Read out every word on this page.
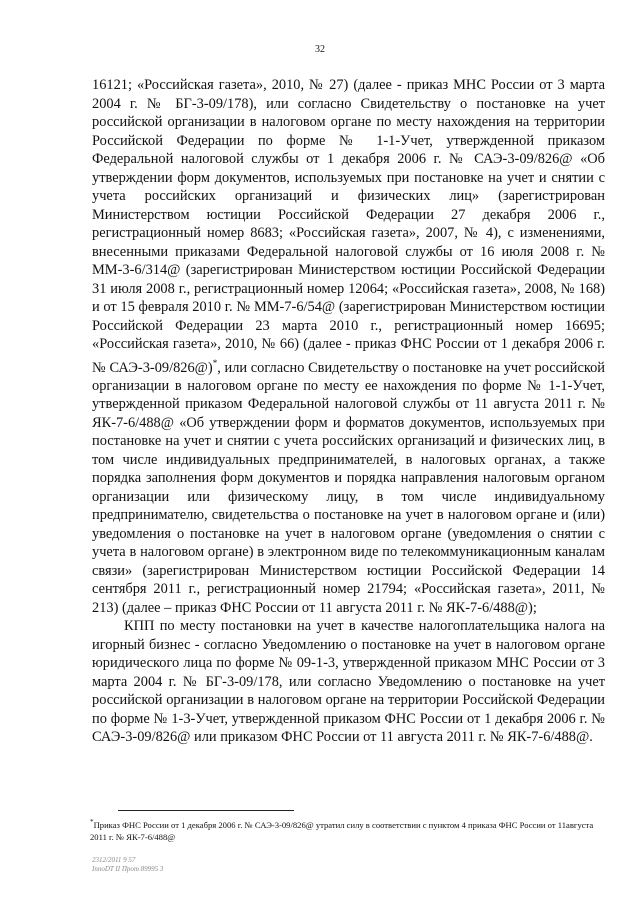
32

16121; «Российская газета», 2010, № 27) (далее - приказ МНС России от 3 марта 2004 г. № БГ-3-09/178), или согласно Свидетельству о постановке на учет российской организации в налоговом органе по месту нахождения на территории Российской Федерации по форме № 1-1-Учет, утвержденной приказом Федеральной налоговой службы от 1 декабря 2006 г. № САЭ-3-09/826@ «Об утверждении форм документов, используемых при постановке на учет и снятии с учета российских организаций и физических лиц» (зарегистрирован Министерством юстиции Российской Федерации 27 декабря 2006 г., регистрационный номер 8683; «Российская газета», 2007, № 4), с изменениями, внесенными приказами Федеральной налоговой службы от 16 июля 2008 г. № ММ-3-6/314@ (зарегистрирован Министерством юстиции Российской Федерации 31 июля 2008 г., регистрационный номер 12064; «Российская газета», 2008, № 168) и от 15 февраля 2010 г. № ММ-7-6/54@ (зарегистрирован Министерством юстиции Российской Федерации 23 марта 2010 г., регистрационный номер 16695; «Российская газета», 2010, № 66) (далее - приказ ФНС России от 1 декабря 2006 г. № САЭ-3-09/826@)*, или согласно Свидетельству о постановке на учет российской организации в налоговом органе по месту ее нахождения по форме № 1-1-Учет, утвержденной приказом Федеральной налоговой службы от 11 августа 2011 г. № ЯК-7-6/488@ «Об утверждении форм и форматов документов, используемых при постановке на учет и снятии с учета российских организаций и физических лиц, в том числе индивидуальных предпринимателей, в налоговых органах, а также порядка заполнения форм документов и порядка направления налоговым органом организации или физическому лицу, в том числе индивидуальному предпринимателю, свидетельства о постановке на учет в налоговом органе и (или) уведомления о постановке на учет в налоговом органе (уведомления о снятии с учета в налоговом органе) в электронном виде по телекоммуникационным каналам связи» (зарегистрирован Министерством юстиции Российской Федерации 14 сентября 2011 г., регистрационный номер 21794; «Российская газета», 2011, № 213) (далее – приказ ФНС России от 11 августа 2011 г. № ЯК-7-6/488@);

КПП по месту постановки на учет в качестве налогоплательщика налога на игорный бизнес - согласно Уведомлению о постановке на учет в налоговом органе юридического лица по форме № 09-1-3, утвержденной приказом МНС России от 3 марта 2004 г. № БГ-3-09/178, или согласно Уведомлению о постановке на учет российской организации в налоговом органе на территории Российской Федерации по форме № 1-3-Учет, утвержденной приказом ФНС России от 1 декабря 2006 г. № САЭ-3-09/826@ или приказом ФНС России от 11 августа 2011 г. № ЯК-7-6/488@.

*Приказ ФНС России от 1 декабря 2006 г. № САЭ-3-09/826@ утратил силу в соответствии с пунктом 4 приказа ФНС России от 11августа 2011 г. № ЯК-7-6/488@

2312/2011 9 57
InnoDT II Прот 89995 3
